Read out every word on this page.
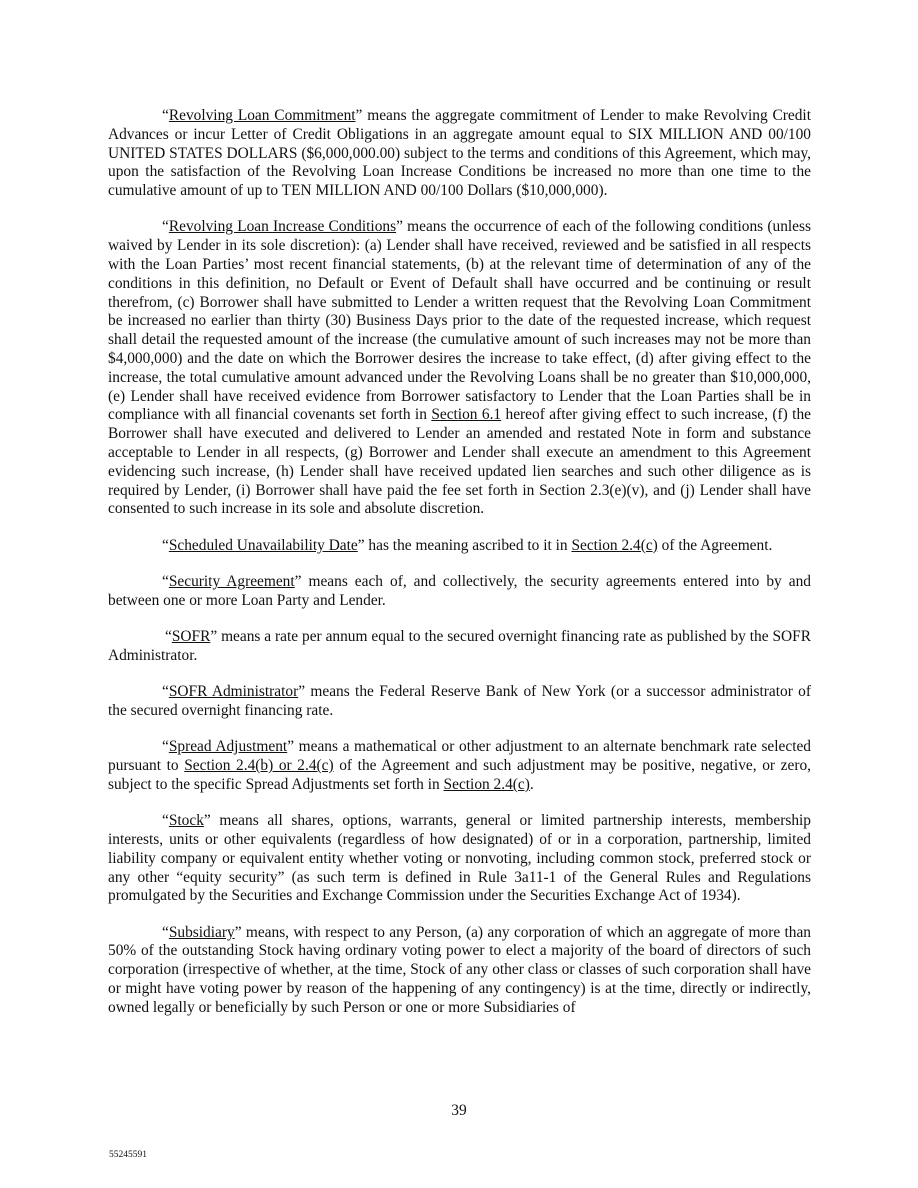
“Revolving Loan Commitment” means the aggregate commitment of Lender to make Revolving Credit Advances or incur Letter of Credit Obligations in an aggregate amount equal to SIX MILLION AND 00/100 UNITED STATES DOLLARS ($6,000,000.00) subject to the terms and conditions of this Agreement, which may, upon the satisfaction of the Revolving Loan Increase Conditions be increased no more than one time to the cumulative amount of up to TEN MILLION AND 00/100 Dollars ($10,000,000).

“Revolving Loan Increase Conditions” means the occurrence of each of the following conditions (unless waived by Lender in its sole discretion): (a) Lender shall have received, reviewed and be satisfied in all respects with the Loan Parties’ most recent financial statements, (b) at the relevant time of determination of any of the conditions in this definition, no Default or Event of Default shall have occurred and be continuing or result therefrom, (c) Borrower shall have submitted to Lender a written request that the Revolving Loan Commitment be increased no earlier than thirty (30) Business Days prior to the date of the requested increase, which request shall detail the requested amount of the increase (the cumulative amount of such increases may not be more than $4,000,000) and the date on which the Borrower desires the increase to take effect, (d) after giving effect to the increase, the total cumulative amount advanced under the Revolving Loans shall be no greater than $10,000,000, (e) Lender shall have received evidence from Borrower satisfactory to Lender that the Loan Parties shall be in compliance with all financial covenants set forth in Section 6.1 hereof after giving effect to such increase, (f) the Borrower shall have executed and delivered to Lender an amended and restated Note in form and substance acceptable to Lender in all respects, (g) Borrower and Lender shall execute an amendment to this Agreement evidencing such increase, (h) Lender shall have received updated lien searches and such other diligence as is required by Lender, (i) Borrower shall have paid the fee set forth in Section 2.3(e)(v), and (j) Lender shall have consented to such increase in its sole and absolute discretion.

“Scheduled Unavailability Date” has the meaning ascribed to it in Section 2.4(c) of the Agreement.

“Security Agreement” means each of, and collectively, the security agreements entered into by and between one or more Loan Party and Lender.

“SOFR” means a rate per annum equal to the secured overnight financing rate as published by the SOFR Administrator.

“SOFR Administrator” means the Federal Reserve Bank of New York (or a successor administrator of the secured overnight financing rate.

“Spread Adjustment” means a mathematical or other adjustment to an alternate benchmark rate selected pursuant to Section 2.4(b) or 2.4(c) of the Agreement and such adjustment may be positive, negative, or zero, subject to the specific Spread Adjustments set forth in Section 2.4(c).

“Stock” means all shares, options, warrants, general or limited partnership interests, membership interests, units or other equivalents (regardless of how designated) of or in a corporation, partnership, limited liability company or equivalent entity whether voting or nonvoting, including common stock, preferred stock or any other “equity security” (as such term is defined in Rule 3a11-1 of the General Rules and Regulations promulgated by the Securities and Exchange Commission under the Securities Exchange Act of 1934).

“Subsidiary” means, with respect to any Person, (a) any corporation of which an aggregate of more than 50% of the outstanding Stock having ordinary voting power to elect a majority of the board of directors of such corporation (irrespective of whether, at the time, Stock of any other class or classes of such corporation shall have or might have voting power by reason of the happening of any contingency) is at the time, directly or indirectly, owned legally or beneficially by such Person or one or more Subsidiaries of

39
55245591
